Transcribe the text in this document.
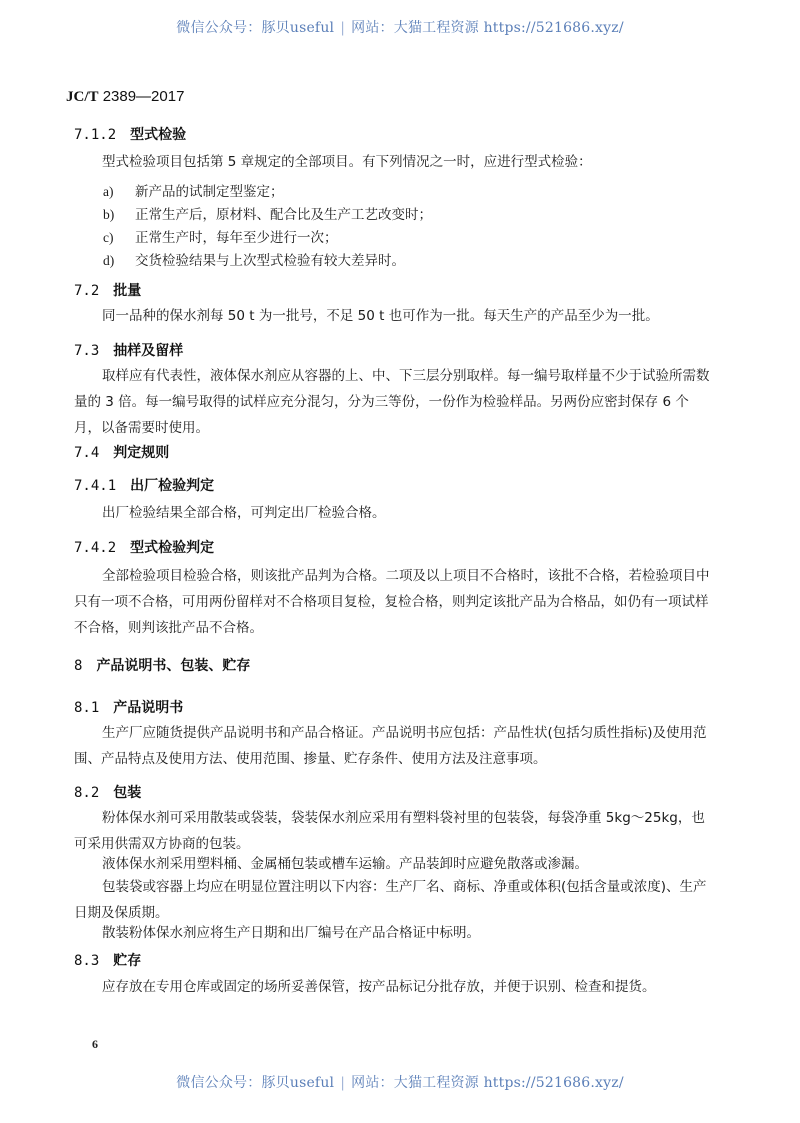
微信公众号：豚贝useful | 网站：大猫工程资源 https://521686.xyz/
JC/T 2389—2017
7.1.2 型式检验
型式检验项目包括第 5 章规定的全部项目。有下列情况之一时，应进行型式检验：
a) 新产品的试制定型鉴定；
b) 正常生产后，原材料、配合比及生产工艺改变时；
c) 正常生产时，每年至少进行一次；
d) 交货检验结果与上次型式检验有较大差异时。
7.2 批量
同一品种的保水剂每 50 t 为一批号，不足 50 t 也可作为一批。每天生产的产品至少为一批。
7.3 抽样及留样
取样应有代表性，液体保水剂应从容器的上、中、下三层分别取样。每一编号取样量不少于试验所需数量的 3 倍。每一编号取得的试样应充分混匀，分为三等份，一份作为检验样品。另两份应密封保存 6 个月，以备需要时使用。
7.4 判定规则
7.4.1 出厂检验判定
出厂检验结果全部合格，可判定出厂检验合格。
7.4.2 型式检验判定
全部检验项目检验合格，则该批产品判为合格。二项及以上项目不合格时，该批不合格，若检验项目中只有一项不合格，可用两份留样对不合格项目复检，复检合格，则判定该批产品为合格品，如仍有一项试样不合格，则判该批产品不合格。
8 产品说明书、包装、贮存
8.1 产品说明书
生产厂应随货提供产品说明书和产品合格证。产品说明书应包括：产品性状(包括匀质性指标)及使用范围、产品特点及使用方法、使用范围、掺量、贮存条件、使用方法及注意事项。
8.2 包装
粉体保水剂可采用散装或袋装，袋装保水剂应采用有塑料袋衬里的包装袋，每袋净重 5kg～25kg，也可采用供需双方协商的包装。
液体保水剂采用塑料桶、金属桶包装或槽车运输。产品装卸时应避免散落或渗漏。
包装袋或容器上均应在明显位置注明以下内容：生产厂名、商标、净重或体积(包括含量或浓度)、生产日期及保质期。
散装粉体保水剂应将生产日期和出厂编号在产品合格证中标明。
8.3 贮存
应存放在专用仓库或固定的场所妥善保管，按产品标记分批存放，并便于识别、检查和提货。
6
微信公众号：豚贝useful | 网站：大猫工程资源 https://521686.xyz/
